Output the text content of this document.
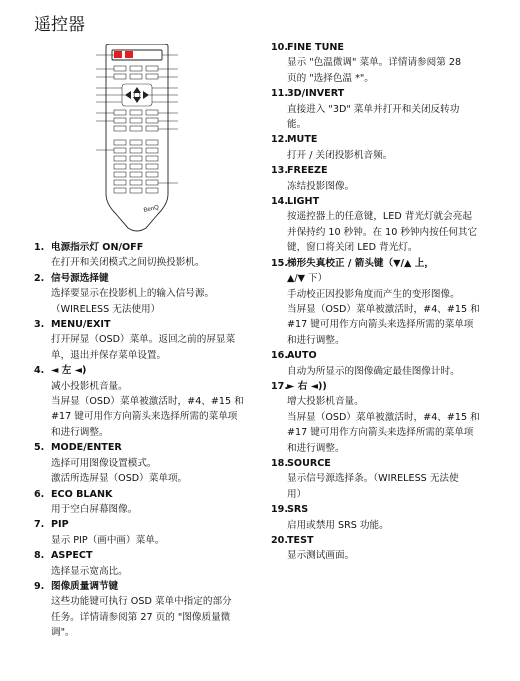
遥控器
BenQ
1. 电源指示灯 ON/OFF
在打开和关闭模式之间切换投影机。
2. 信号源选择键
选择要显示在投影机上的输入信号源。
（WIRELESS 无法使用）
3. MENU/EXIT
打开屏显（OSD）菜单。返回之前的屏显菜
单，退出并保存菜单设置。
4. ◄ 左 ◄)
减小投影机音量。
当屏显（OSD）菜单被激活时，#4、#15 和
#17 键可用作方向箭头来选择所需的菜单项
和进行调整。
5. MODE/ENTER
选择可用图像设置模式。
激活所选屏显（OSD）菜单项。
6. ECO BLANK
用于空白屏幕图像。
7. PIP
显示 PIP（画中画）菜单。
8. ASPECT
选择显示宽高比。
9. 图像质量调节键
这些功能键可执行 OSD 菜单中指定的部分
任务。详情请参阅第 27 页的 "图像质量微
调"。
10. FINE TUNE
显示 "色温微调" 菜单。详情请参阅第 28
页的 "选择色温 *"。
11. 3D/INVERT
直接进入 "3D" 菜单并打开和关闭反转功
能。
12. MUTE
打开 / 关闭投影机音频。
13. FREEZE
冻结投影图像。
14. LIGHT
按遥控器上的任意键，LED 背光灯就会亮起
并保持约 10 秒钟。在 10 秒钟内按任何其它
键，窗口将关闭 LED 背光灯。
15. 梯形失真校正 / 箭头键（▼/▲ 上，
▲/▼ 下）
手动校正因投影角度而产生的变形图像。
当屏显（OSD）菜单被激活时，#4、#15 和
#17 键可用作方向箭头来选择所需的菜单项
和进行调整。
16. AUTO
自动为所显示的图像确定最佳图像计时。
17. ► 右 ◄))
增大投影机音量。
当屏显（OSD）菜单被激活时，#4、#15 和
#17 键可用作方向箭头来选择所需的菜单项
和进行调整。
18. SOURCE
显示信号源选择条。（WIRELESS 无法使
用）
19. SRS
启用或禁用 SRS 功能。
20. TEST
显示测试画面。
